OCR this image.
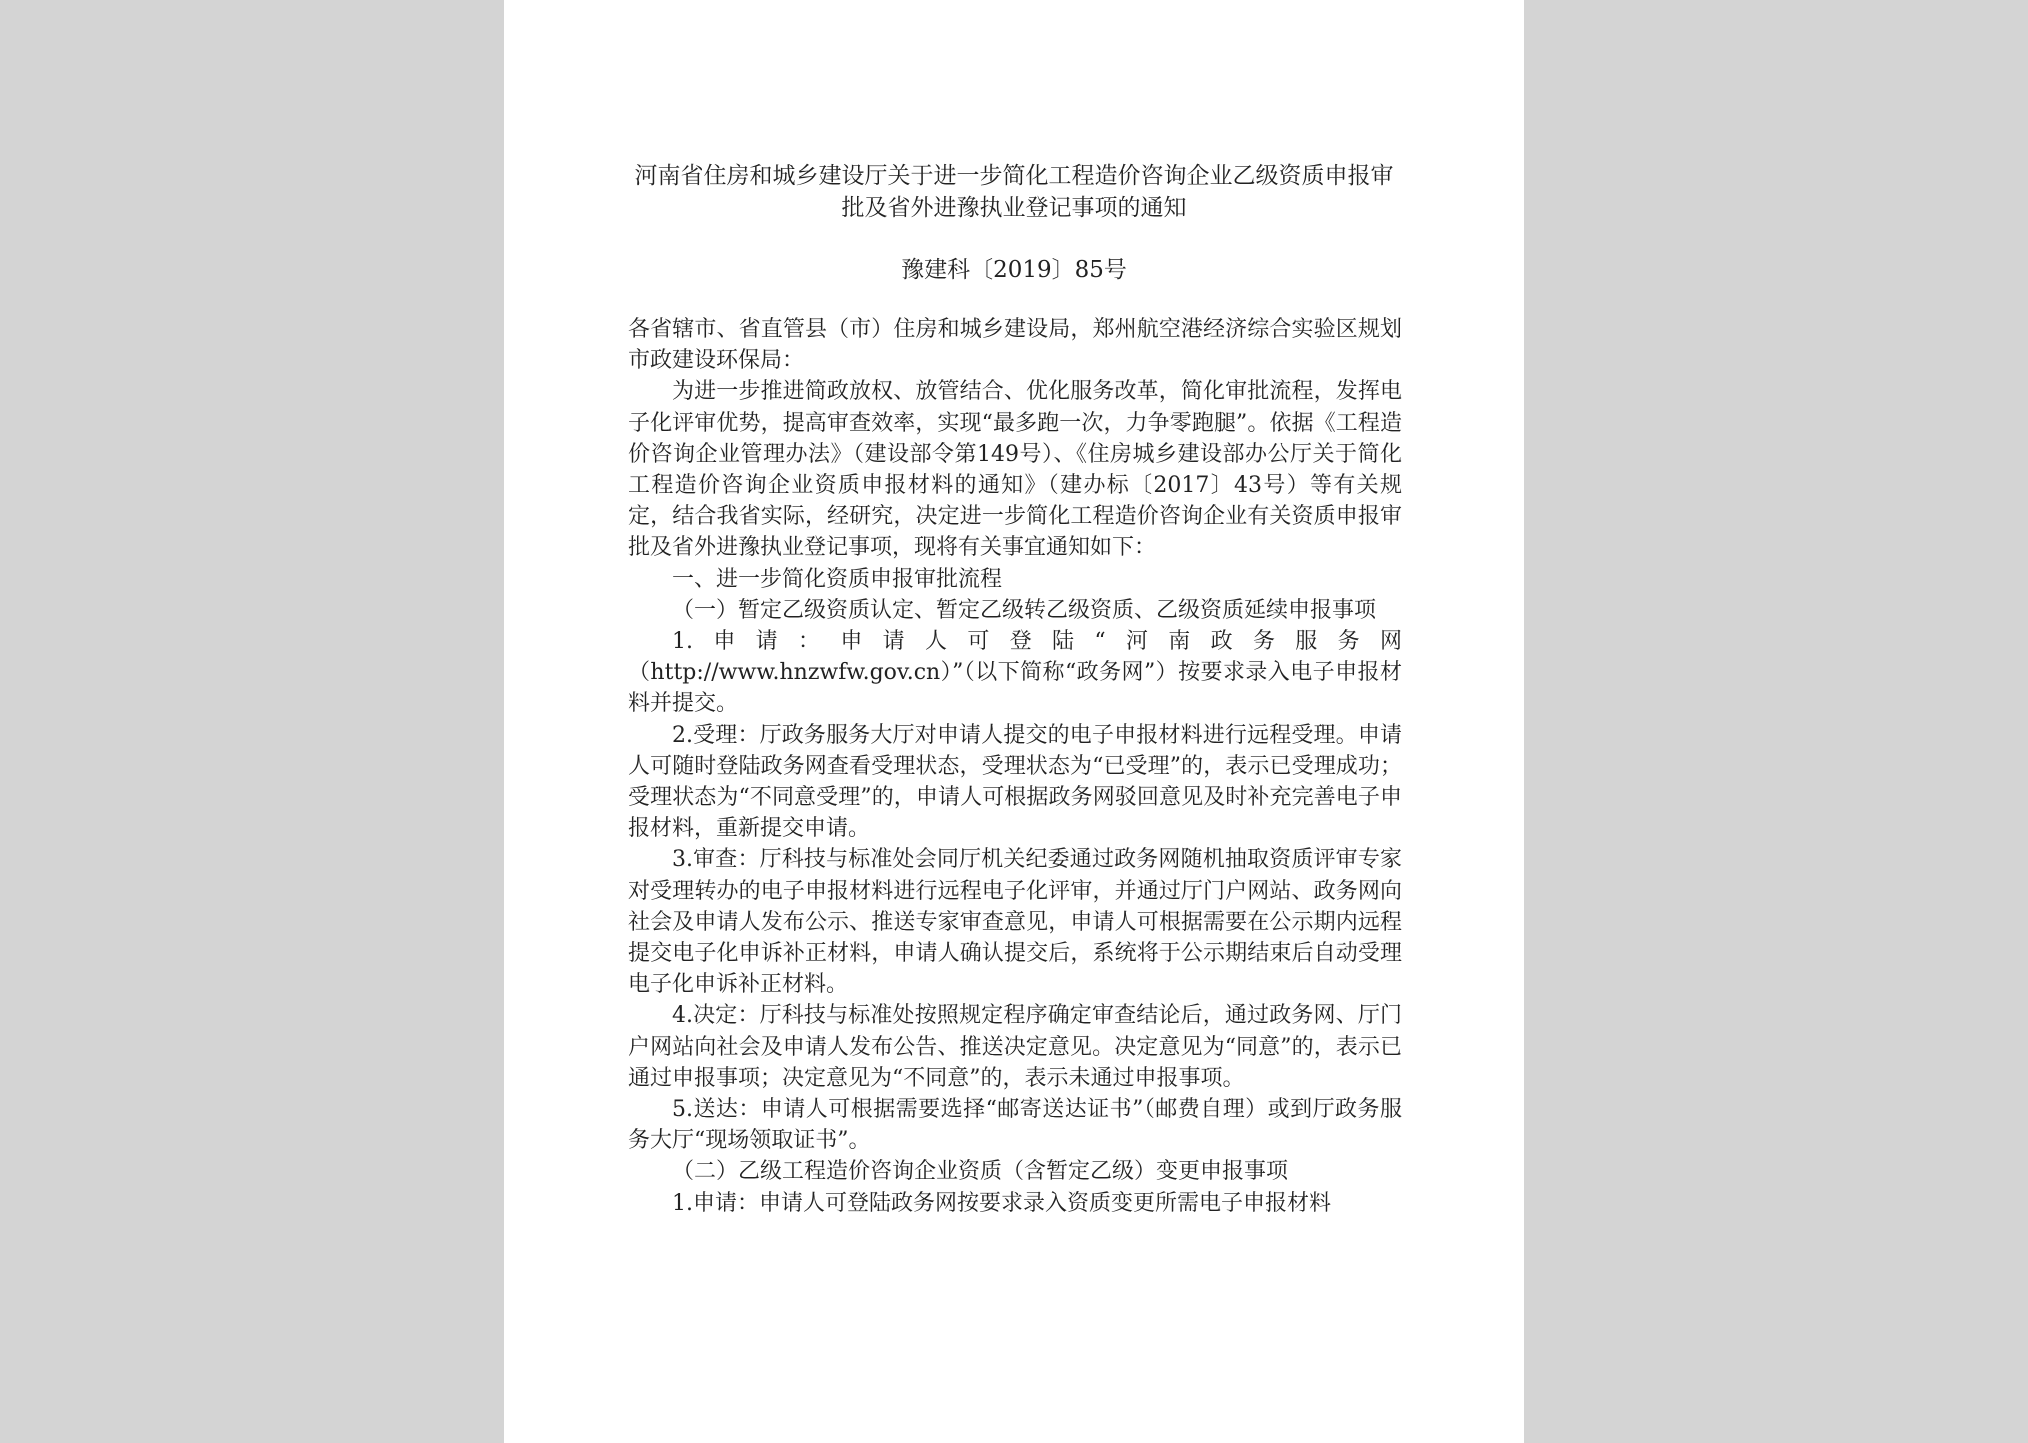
河南省住房和城乡建设厅关于进一步简化工程造价咨询企业乙级资质申报审批及省外进豫执业登记事项的通知
豫建科〔2019〕85号

各省辖市、省直管县（市）住房和城乡建设局，郑州航空港经济综合实验区规划市政建设环保局：

为进一步推进简政放权、放管结合、优化服务改革，简化审批流程，发挥电子化评审优势，提高审查效率，实现“最多跑一次，力争零跑腿”。依据《工程造价咨询企业管理办法》（建设部令第149号）、《住房城乡建设部办公厅关于简化工程造价咨询企业资质申报材料的通知》（建办标〔2017〕43号）等有关规定，结合我省实际，经研究，决定进一步简化工程造价咨询企业有关资质申报审批及省外进豫执业登记事项，现将有关事宜通知如下：

一、进一步简化资质申报审批流程

（一）暂定乙级资质认定、暂定乙级转乙级资质、乙级资质延续申报事项

1.申请：申请人可登陆“河南政务服务网（http://www.hnzwfw.gov.cn）”（以下简称“政务网”）按要求录入电子申报材料并提交。

2.受理：厅政务服务大厅对申请人提交的电子申报材料进行远程受理。申请人可随时登陆政务网查看受理状态，受理状态为“已受理”的，表示已受理成功；受理状态为“不同意受理”的，申请人可根据政务网驳回意见及时补充完善电子申报材料，重新提交申请。

3.审查：厅科技与标准处会同厅机关纪委通过政务网随机抽取资质评审专家对受理转办的电子申报材料进行远程电子化评审，并通过厅门户网站、政务网向社会及申请人发布公示、推送专家审查意见，申请人可根据需要在公示期内远程提交电子化申诉补正材料，申请人确认提交后，系统将于公示期结束后自动受理电子化申诉补正材料。

4.决定：厅科技与标准处按照规定程序确定审查结论后，通过政务网、厅门户网站向社会及申请人发布公告、推送决定意见。决定意见为“同意”的，表示已通过申报事项；决定意见为“不同意”的，表示未通过申报事项。

5.送达：申请人可根据需要选择“邮寄送达证书”（邮费自理）或到厅政务服务大厅“现场领取证书”。

（二）乙级工程造价咨询企业资质（含暂定乙级）变更申报事项

1.申请：申请人可登陆政务网按要求录入资质变更所需电子申报材料
